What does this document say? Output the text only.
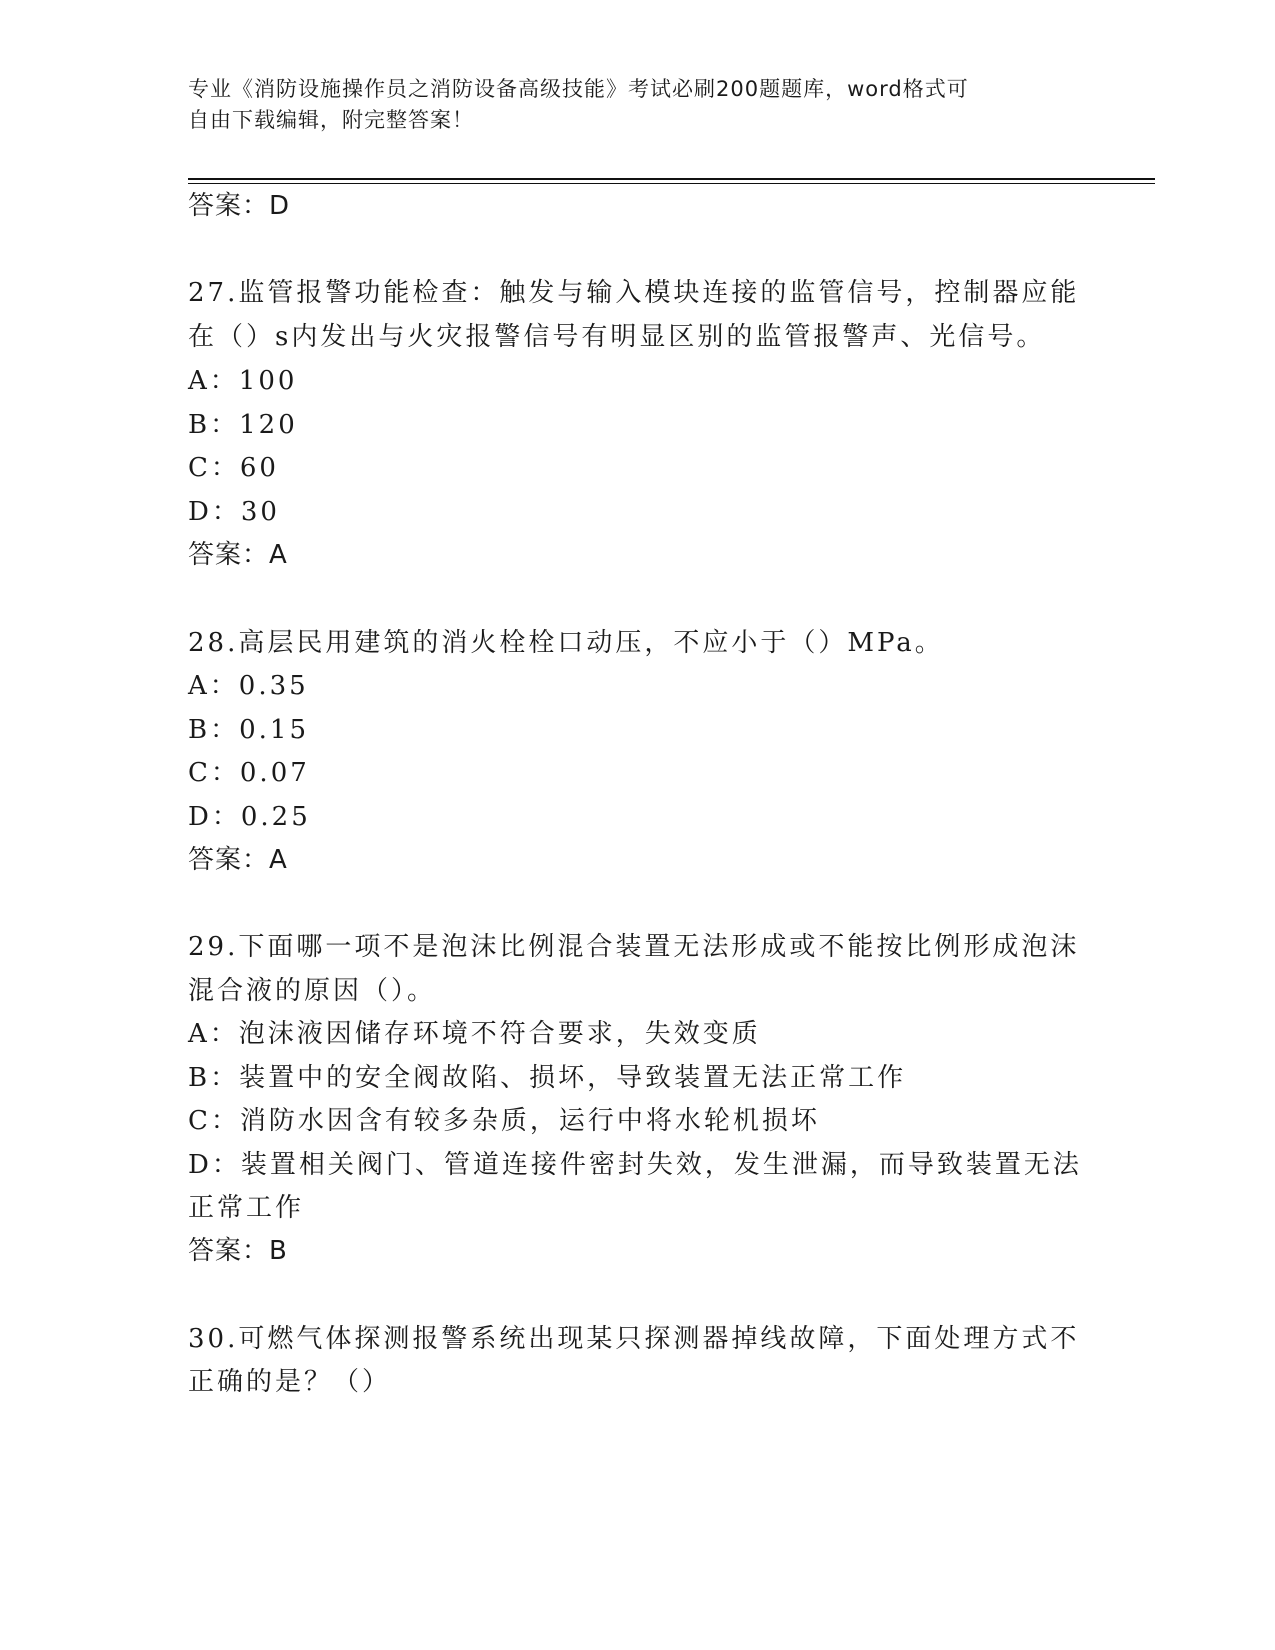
专业《消防设施操作员之消防设备高级技能》考试必刷200题题库，word格式可
自由下载编辑，附完整答案！
答案：D
27.监管报警功能检查：触发与输入模块连接的监管信号，控制器应能
在（）s内发出与火灾报警信号有明显区别的监管报警声、光信号。
A：100
B：120
C：60
D：30
答案：A
28.高层民用建筑的消火栓栓口动压，不应小于（）MPa。
A：0.35
B：0.15
C：0.07
D：0.25
答案：A
29.下面哪一项不是泡沫比例混合装置无法形成或不能按比例形成泡沫
混合液的原因（）。
A：泡沫液因储存环境不符合要求，失效变质
B：装置中的安全阀故陷、损坏，导致装置无法正常工作
C：消防水因含有较多杂质，运行中将水轮机损坏
D：装置相关阀门、管道连接件密封失效，发生泄漏，而导致装置无法
正常工作
答案：B
30.可燃气体探测报警系统出现某只探测器掉线故障，下面处理方式不
正确的是？（）
